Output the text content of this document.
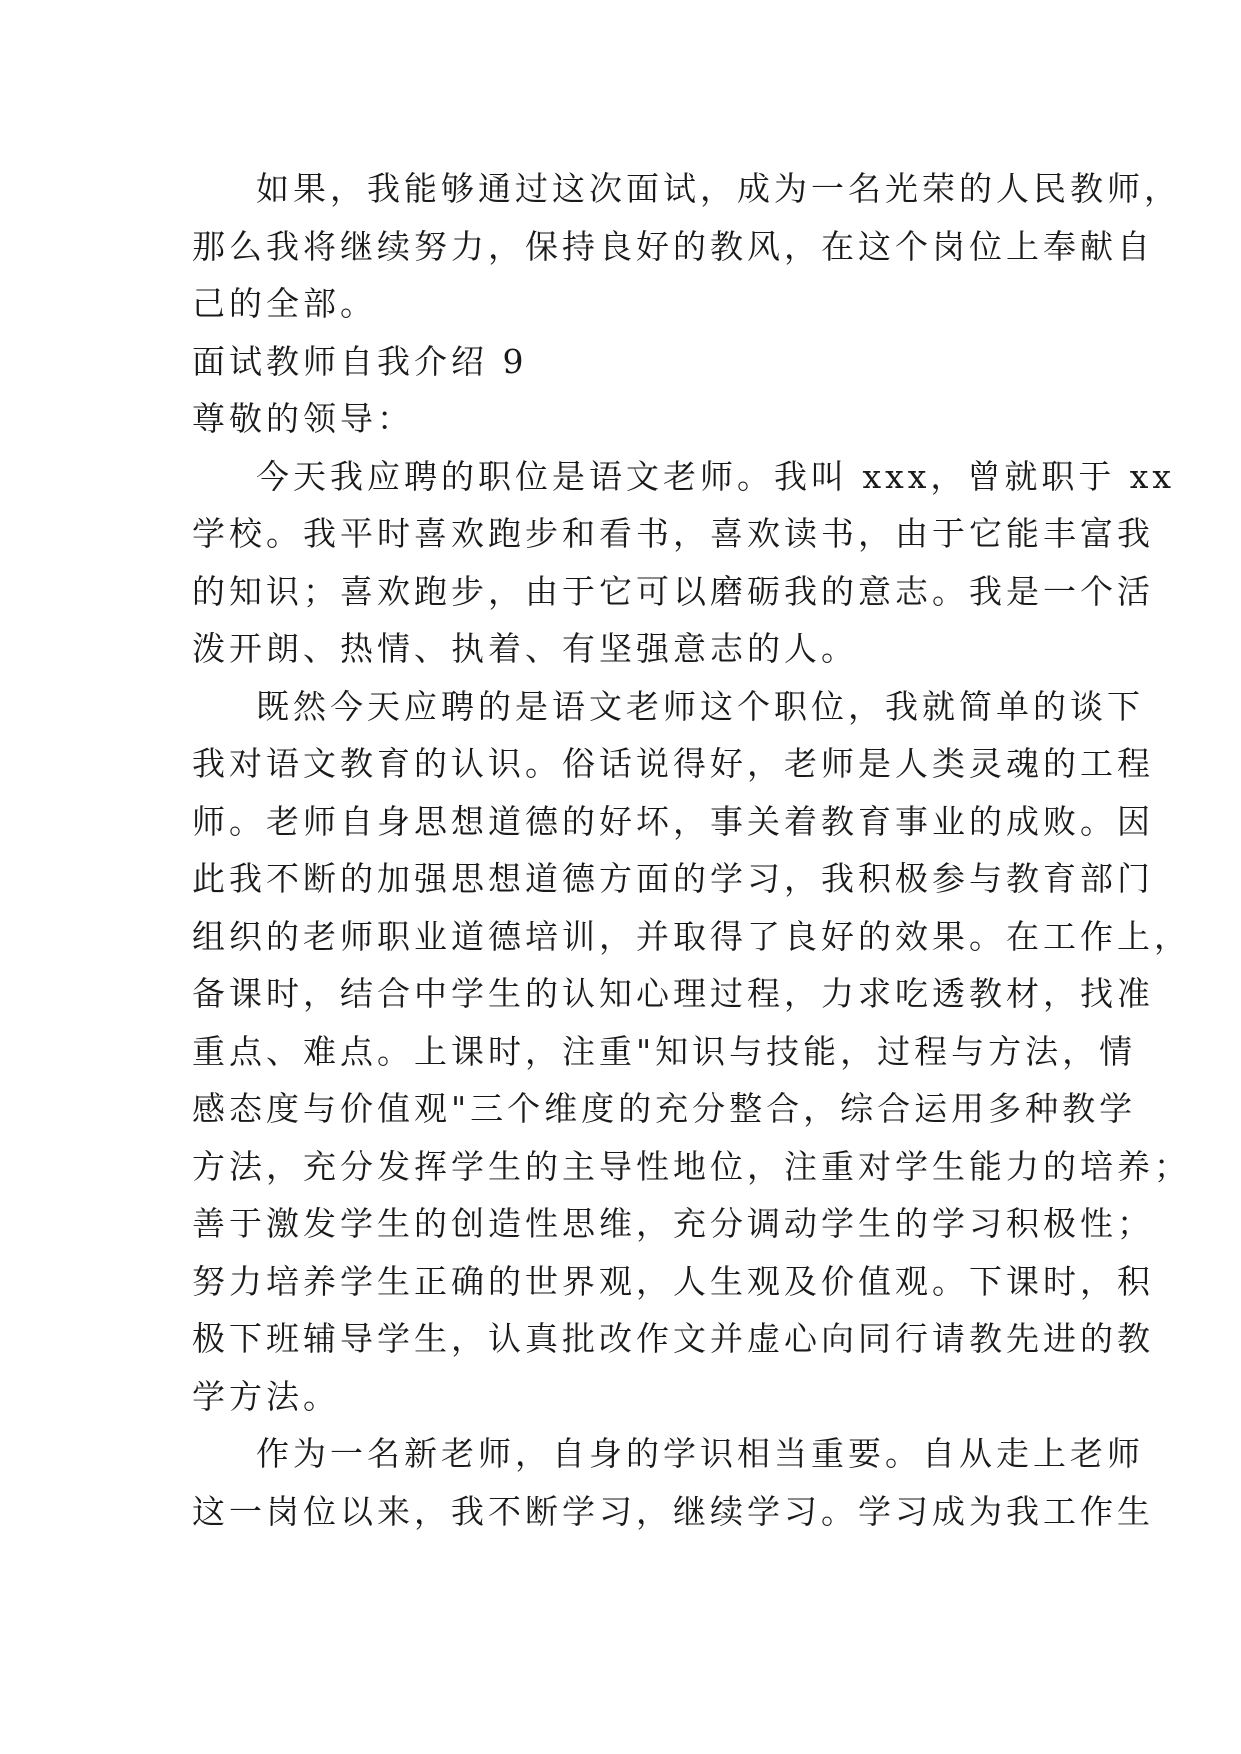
如果，我能够通过这次面试，成为一名光荣的人民教师，
那么我将继续努力，保持良好的教风，在这个岗位上奉献自
己的全部。
面试教师自我介绍 9
尊敬的领导：
今天我应聘的职位是语文老师。我叫 xxx，曾就职于 xx
学校。我平时喜欢跑步和看书，喜欢读书，由于它能丰富我
的知识；喜欢跑步，由于它可以磨砺我的意志。我是一个活
泼开朗、热情、执着、有坚强意志的人。
既然今天应聘的是语文老师这个职位，我就简单的谈下
我对语文教育的认识。俗话说得好，老师是人类灵魂的工程
师。老师自身思想道德的好坏，事关着教育事业的成败。因
此我不断的加强思想道德方面的学习，我积极参与教育部门
组织的老师职业道德培训，并取得了良好的效果。在工作上，
备课时，结合中学生的认知心理过程，力求吃透教材，找准
重点、难点。上课时，注重"知识与技能，过程与方法，情
感态度与价值观"三个维度的充分整合，综合运用多种教学
方法，充分发挥学生的主导性地位，注重对学生能力的培养；
善于激发学生的创造性思维，充分调动学生的学习积极性；
努力培养学生正确的世界观，人生观及价值观。下课时，积
极下班辅导学生，认真批改作文并虚心向同行请教先进的教
学方法。
作为一名新老师，自身的学识相当重要。自从走上老师
这一岗位以来，我不断学习，继续学习。学习成为我工作生
